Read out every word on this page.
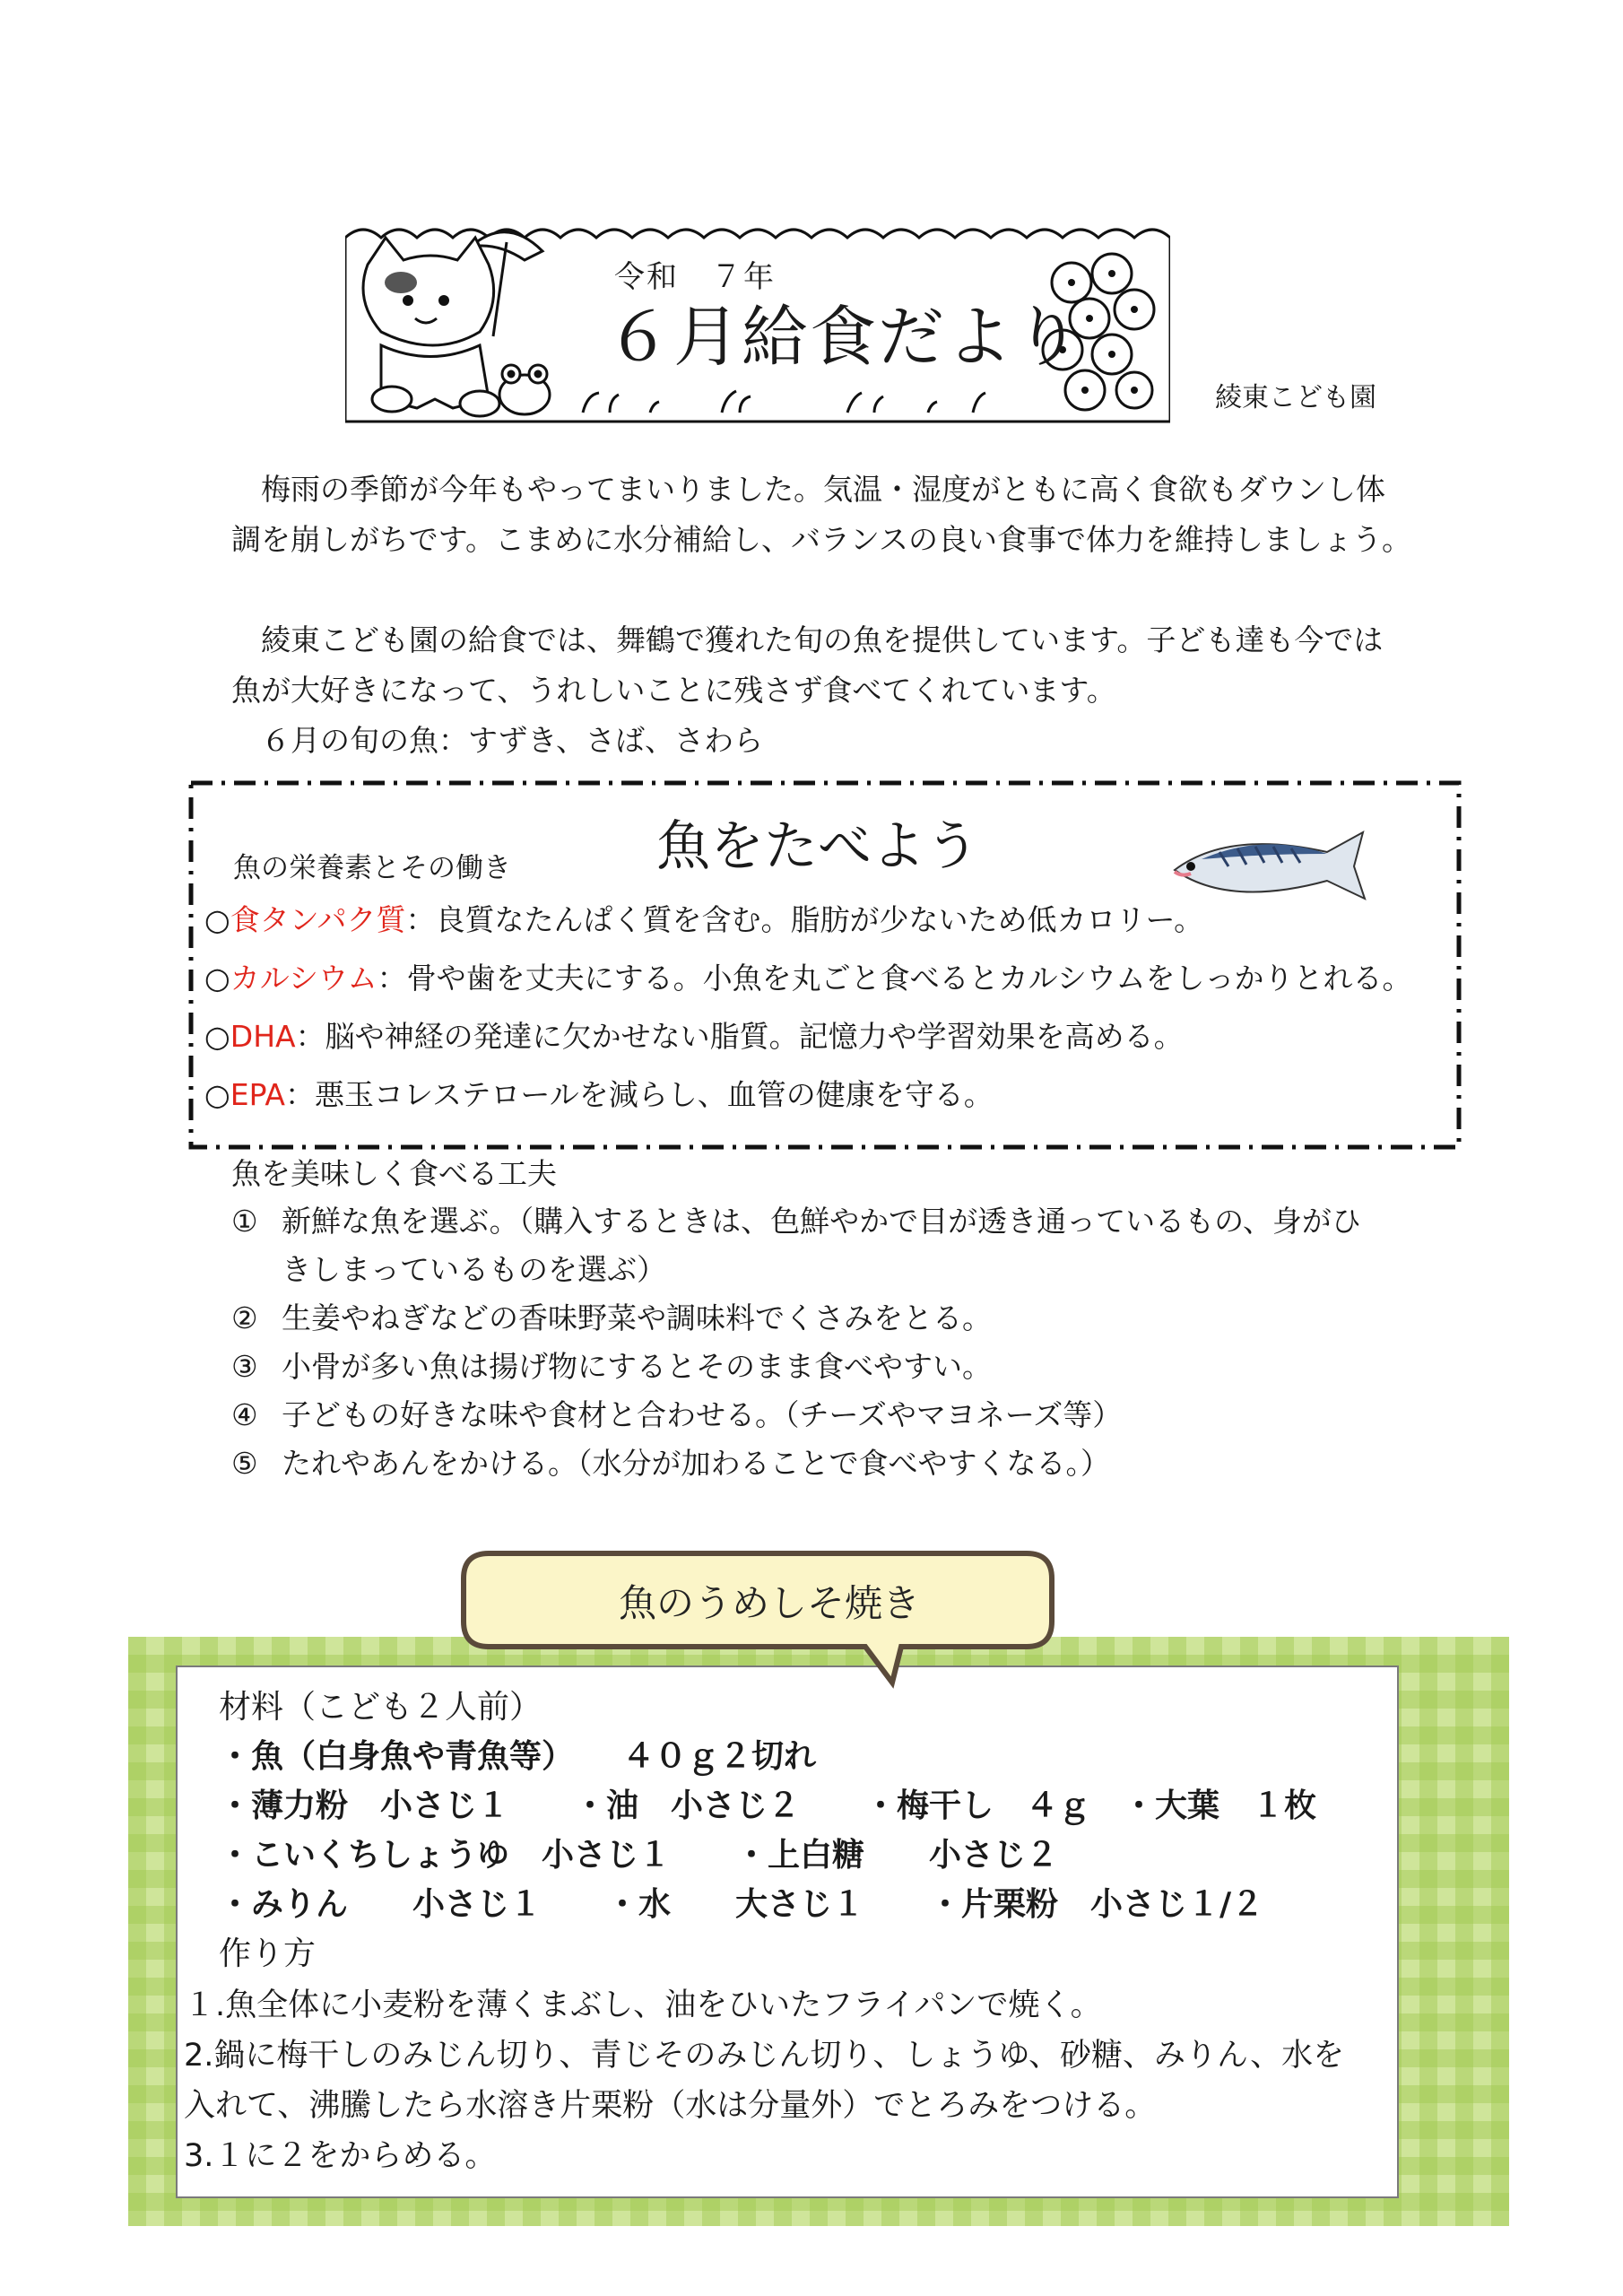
令和　７年
６月給食だより
綾東こども園

梅雨の季節が今年もやってまいりました。気温・湿度がともに高く食欲もダウンし体

調を崩しがちです。こまめに水分補給し、バランスの良い食事で体力を維持しましょう。

綾東こども園の給食では、舞鶴で獲れた旬の魚を提供しています。子ども達も今では

魚が大好きになって、うれしいことに残さず食べてくれています。

６月の旬の魚：すずき、さば、さわら

魚をたべよう
魚の栄養素とその働き
○食タンパク質：良質なたんぱく質を含む。脂肪が少ないため低カロリー。
○カルシウム：骨や歯を丈夫にする。小魚を丸ごと食べるとカルシウムをしっかりとれる。
○DHA：脳や神経の発達に欠かせない脂質。記憶力や学習効果を高める。
○EPA：悪玉コレステロールを減らし、血管の健康を守る。
魚を美味しく食べる工夫
① 新鮮な魚を選ぶ。（購入するときは、色鮮やかで目が透き通っているもの、身がひ
きしまっているものを選ぶ）
② 生姜やねぎなどの香味野菜や調味料でくさみをとる。
③ 小骨が多い魚は揚げ物にするとそのまま食べやすい。
④ 子どもの好きな味や食材と合わせる。（チーズやマヨネーズ等）
⑤ たれやあんをかける。（水分が加わることで食べやすくなる。）
魚のうめしそ焼き
材料（こども２人前）
・魚（白身魚や青魚等）　　４０ｇ２切れ
・薄力粉　小さじ１　　・油　小さじ２　　・梅干し　４ｇ　・大葉　１枚
・こいくちしょうゆ　小さじ１　　・上白糖　　小さじ２
・みりん　　小さじ１　　・水　　大さじ１　　・片栗粉　小さじ１/２
作り方
１.魚全体に小麦粉を薄くまぶし、油をひいたフライパンで焼く。
2.鍋に梅干しのみじん切り、青じそのみじん切り、しょうゆ、砂糖、みりん、水を
入れて、沸騰したら水溶き片栗粉（水は分量外）でとろみをつける。
3.１に２をからめる。
